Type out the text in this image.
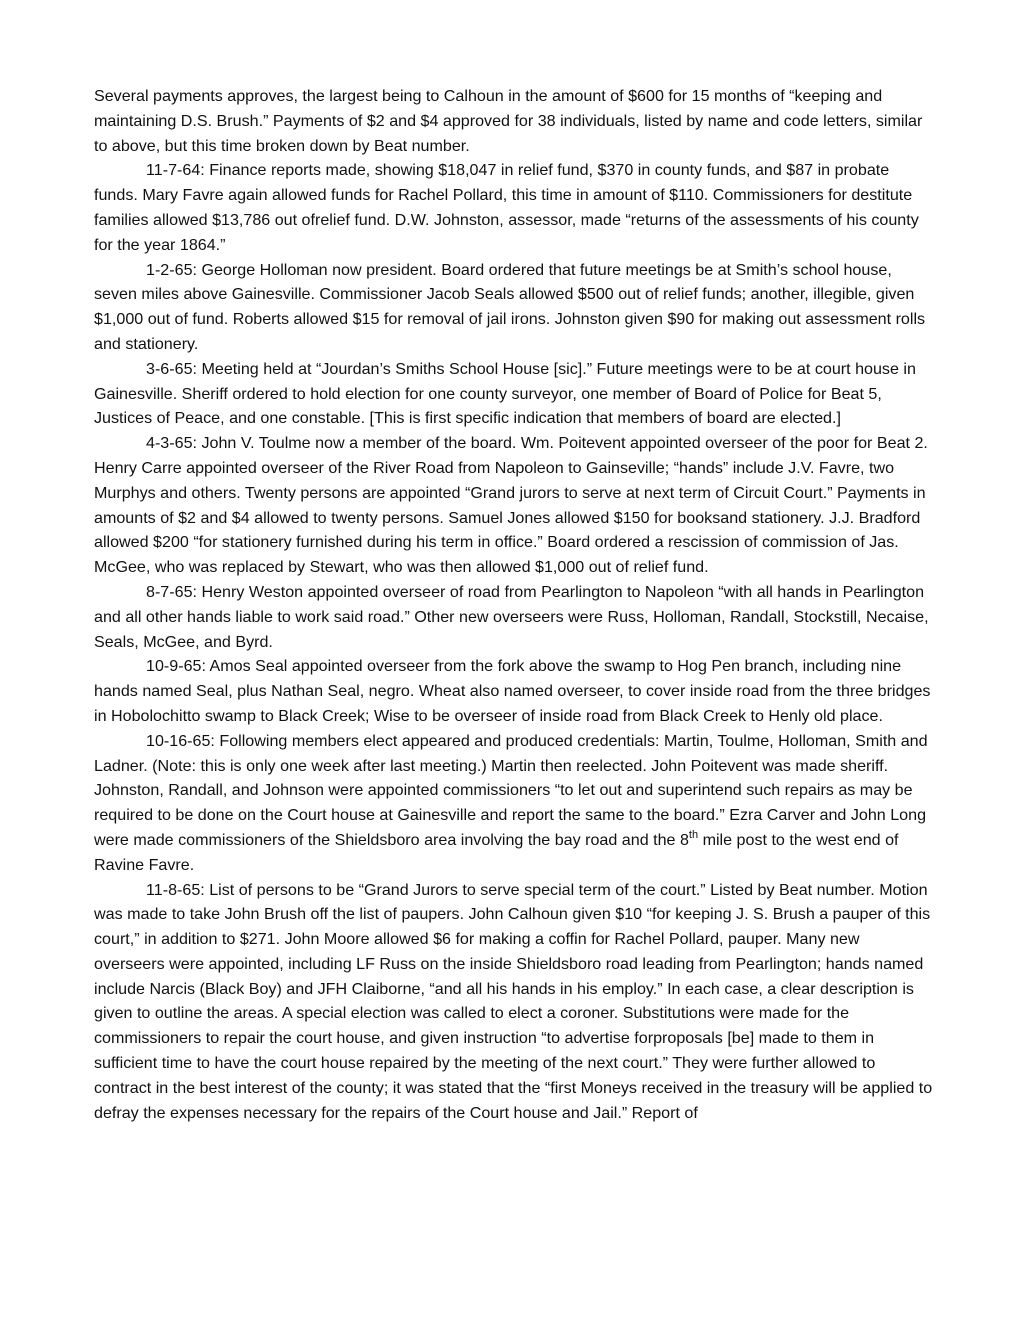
Several payments approves, the largest being to Calhoun in the amount of $600 for 15 months of “keeping and maintaining D.S. Brush.” Payments of $2 and $4 approved for 38 individuals, listed by name and code letters, similar to above, but this time broken down by Beat number.

11-7-64: Finance reports made, showing $18,047 in relief fund, $370 in county funds, and $87 in probate funds. Mary Favre again allowed funds for Rachel Pollard, this time in amount of $110. Commissioners for destitute families allowed $13,786 out ofrelief fund. D.W. Johnston, assessor, made “returns of the assessments of his county for the year 1864.”

1-2-65: George Holloman now president. Board ordered that future meetings be at Smith’s school house, seven miles above Gainesville. Commissioner Jacob Seals allowed $500 out of relief funds; another, illegible, given $1,000 out of fund. Roberts allowed $15 for removal of jail irons. Johnston given $90 for making out assessment rolls and stationery.

3-6-65: Meeting held at “Jourdan’s Smiths School House [sic].” Future meetings were to be at court house in Gainesville. Sheriff ordered to hold election for one county surveyor, one member of Board of Police for Beat 5, Justices of Peace, and one constable. [This is first specific indication that members of board are elected.]

4-3-65: John V. Toulme now a member of the board. Wm. Poitevent appointed overseer of the poor for Beat 2. Henry Carre appointed overseer of the River Road from Napoleon to Gainseville; “hands” include J.V. Favre, two Murphys and others. Twenty persons are appointed “Grand jurors to serve at next term of Circuit Court.” Payments in amounts of $2 and $4 allowed to twenty persons. Samuel Jones allowed $150 for booksand stationery. J.J. Bradford allowed $200 “for stationery furnished during his term in office.” Board ordered a rescission of commission of Jas. McGee, who was replaced by Stewart, who was then allowed $1,000 out of relief fund.

8-7-65: Henry Weston appointed overseer of road from Pearlington to Napoleon “with all hands in Pearlington and all other hands liable to work said road.” Other new overseers were Russ, Holloman, Randall, Stockstill, Necaise, Seals, McGee, and Byrd.

10-9-65: Amos Seal appointed overseer from the fork above the swamp to Hog Pen branch, including nine hands named Seal, plus Nathan Seal, negro. Wheat also named overseer, to cover inside road from the three bridges in Hobolochitto swamp to Black Creek; Wise to be overseer of inside road from Black Creek to Henly old place.

10-16-65: Following members elect appeared and produced credentials: Martin, Toulme, Holloman, Smith and Ladner. (Note: this is only one week after last meeting.) Martin then reelected. John Poitevent was made sheriff. Johnston, Randall, and Johnson were appointed commissioners “to let out and superintend such repairs as may be required to be done on the Court house at Gainesville and report the same to the board.” Ezra Carver and John Long were made commissioners of the Shieldsboro area involving the bay road and the 8th mile post to the west end of Ravine Favre.

11-8-65: List of persons to be “Grand Jurors to serve special term of the court.” Listed by Beat number. Motion was made to take John Brush off the list of paupers. John Calhoun given $10 “for keeping J. S. Brush a pauper of this court,” in addition to $271. John Moore allowed $6 for making a coffin for Rachel Pollard, pauper. Many new overseers were appointed, including LF Russ on the inside Shieldsboro road leading from Pearlington; hands named include Narcis (Black Boy) and JFH Claiborne, “and all his hands in his employ.” In each case, a clear description is given to outline the areas. A special election was called to elect a coroner. Substitutions were made for the commissioners to repair the court house, and given instruction “to advertise forproposals [be] made to them in sufficient time to have the court house repaired by the meeting of the next court.” They were further allowed to contract in the best interest of the county; it was stated that the “first Moneys received in the treasury will be applied to defray the expenses necessary for the repairs of the Court house and Jail.” Report of
